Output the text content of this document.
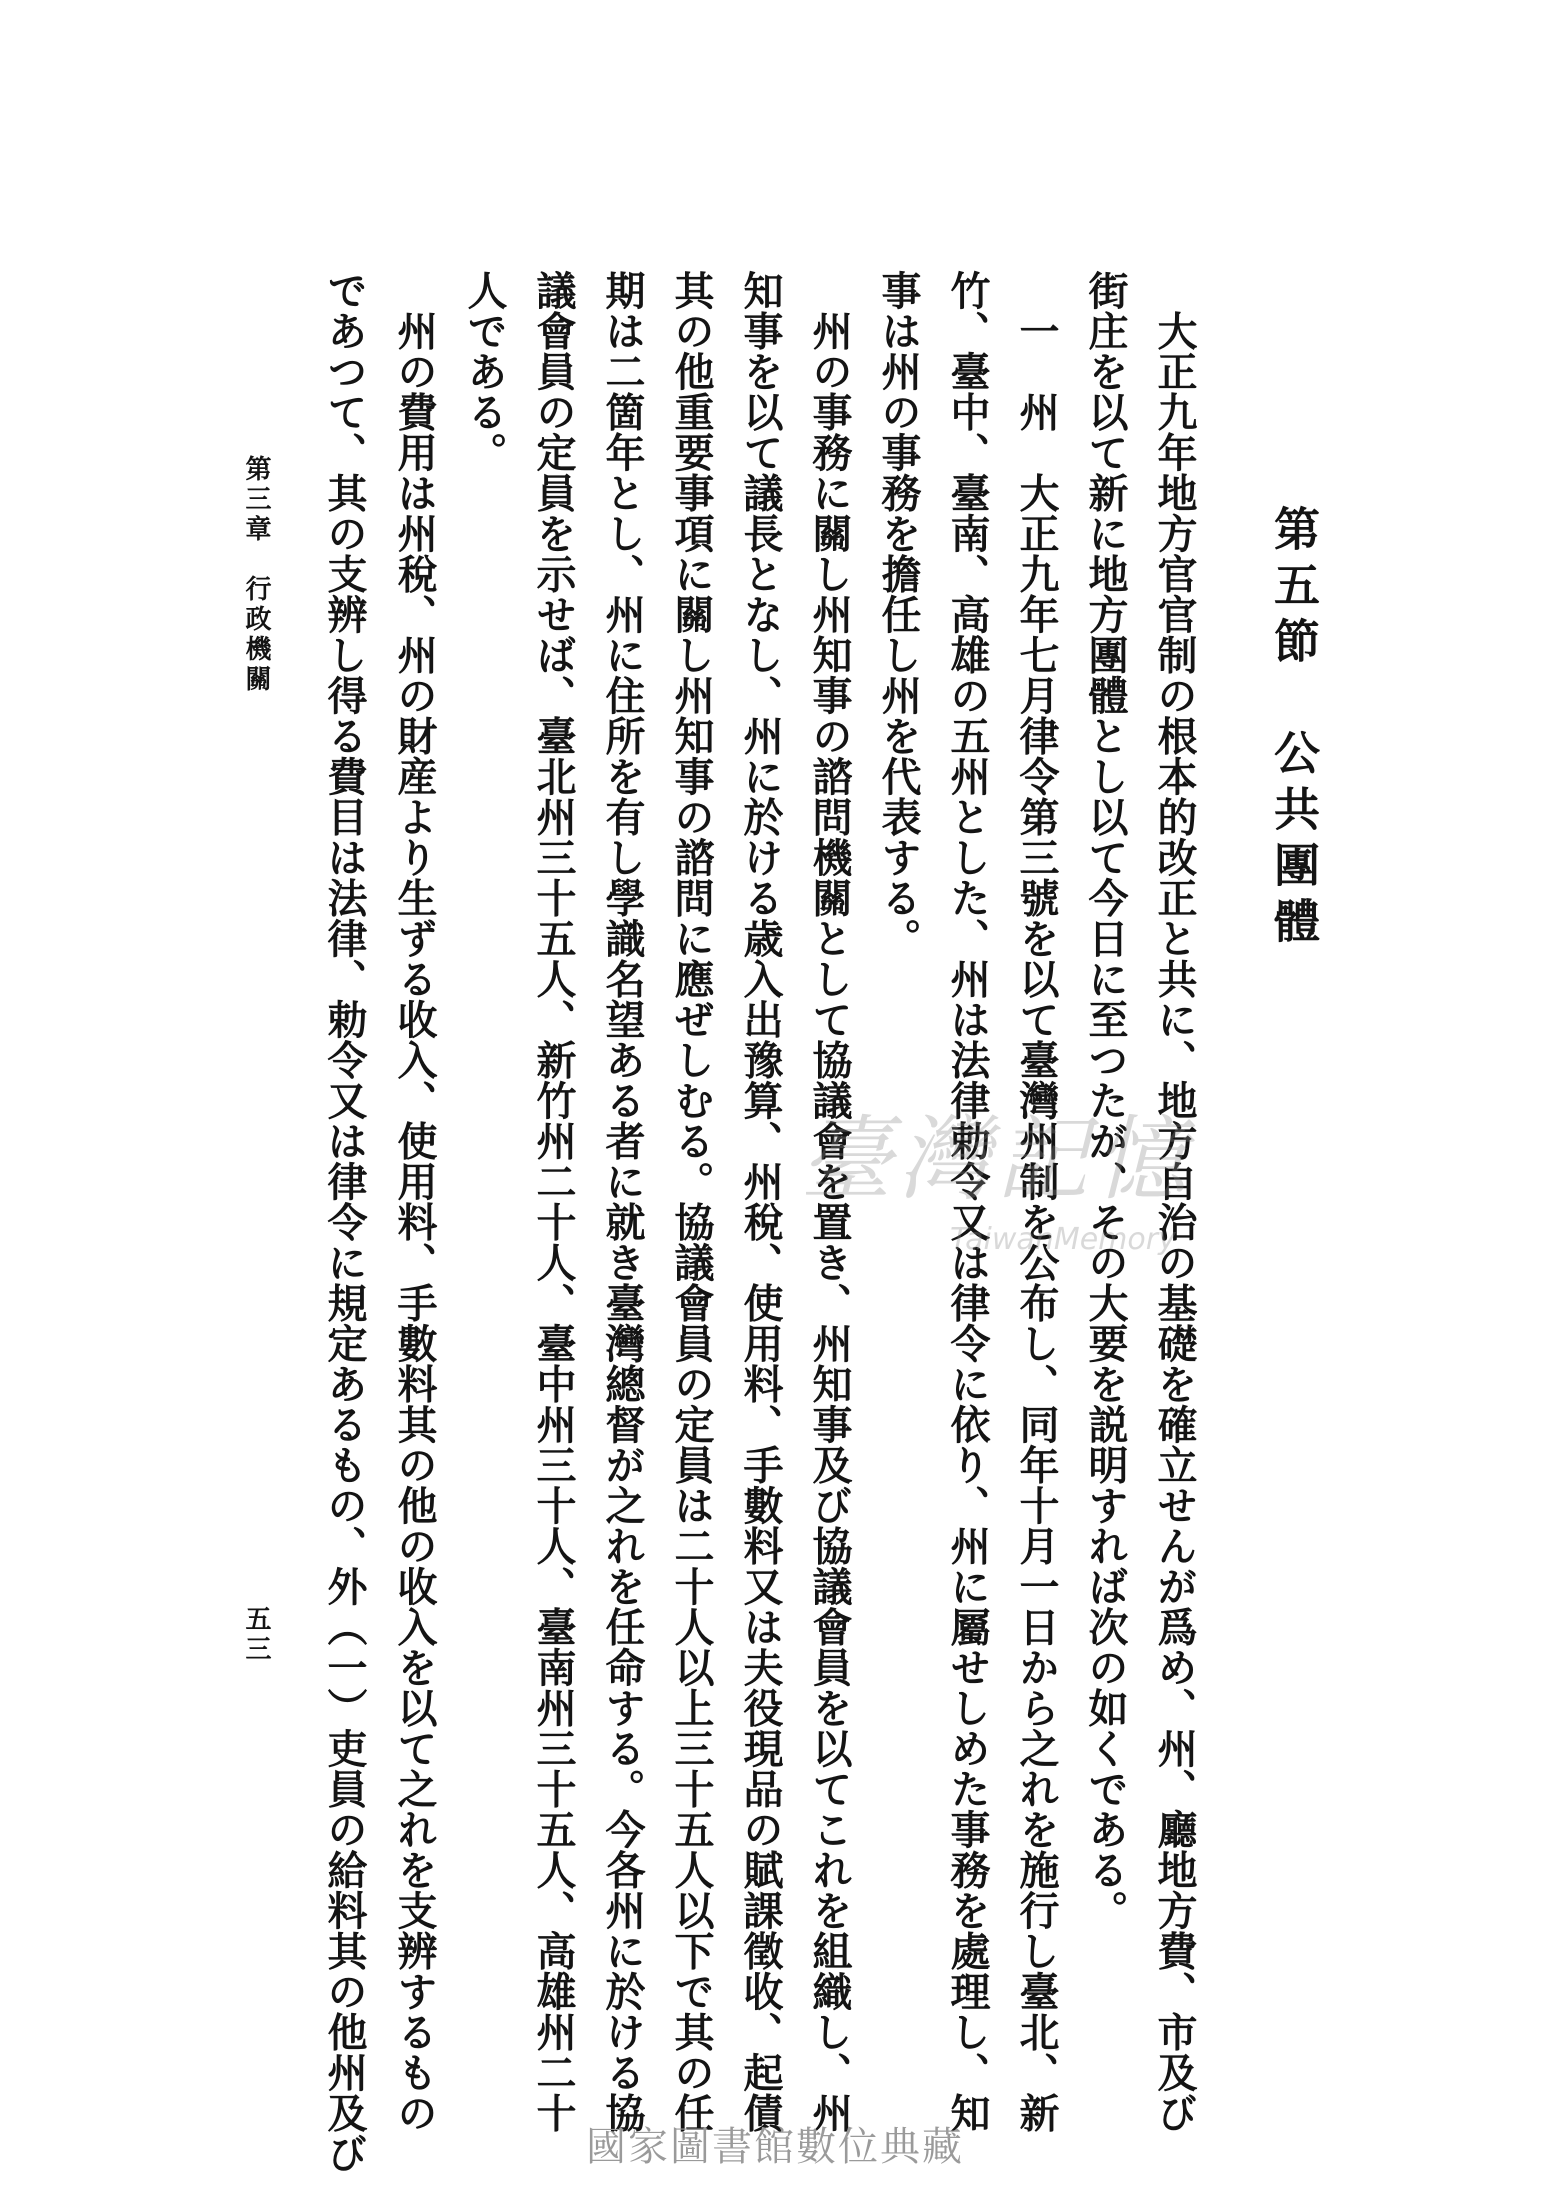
第五節　公共團體
　大正九年地方官官制の根本的改正と共に、地方自治の基礎を確立せんが爲め、州、廳地方費、市及び
街庄を以て新に地方團體とし以て今日に至つたが、その大要を説明すれば次の如くである。
　一　州　大正九年七月律令第三號を以て臺灣州制を公布し、同年十月一日から之れを施行し臺北、新
竹、臺中、臺南、高雄の五州とした、州は法律勅令又は律令に依り、州に屬せしめた事務を處理し、知
事は州の事務を擔任し州を代表する。
　州の事務に關し州知事の諮問機關として協議會を置き、州知事及び協議會員を以てこれを組織し、州
知事を以て議長となし、州に於ける歳入出豫算、州稅、使用料、手數料又は夫役現品の賦課徵收、起債
其の他重要事項に關し州知事の諮問に應ぜしむる。協議會員の定員は二十人以上三十五人以下で其の任
期は二箇年とし、州に住所を有し學識名望ある者に就き臺灣總督が之れを任命する。今各州に於ける協
議會員の定員を示せば、臺北州三十五人、新竹州二十人、臺中州三十人、臺南州三十五人、高雄州二十
人である。
　州の費用は州稅、州の財産より生ずる收入、使用料、手數料其の他の收入を以て之れを支辨するもの
であつて、其の支辨し得る費目は法律、勅令又は律令に規定あるもの、外（一）吏員の給料其の他州及び
第三章　行政機關
五三
臺灣記憶
TaiwanMemory
國家圖書館數位典藏
